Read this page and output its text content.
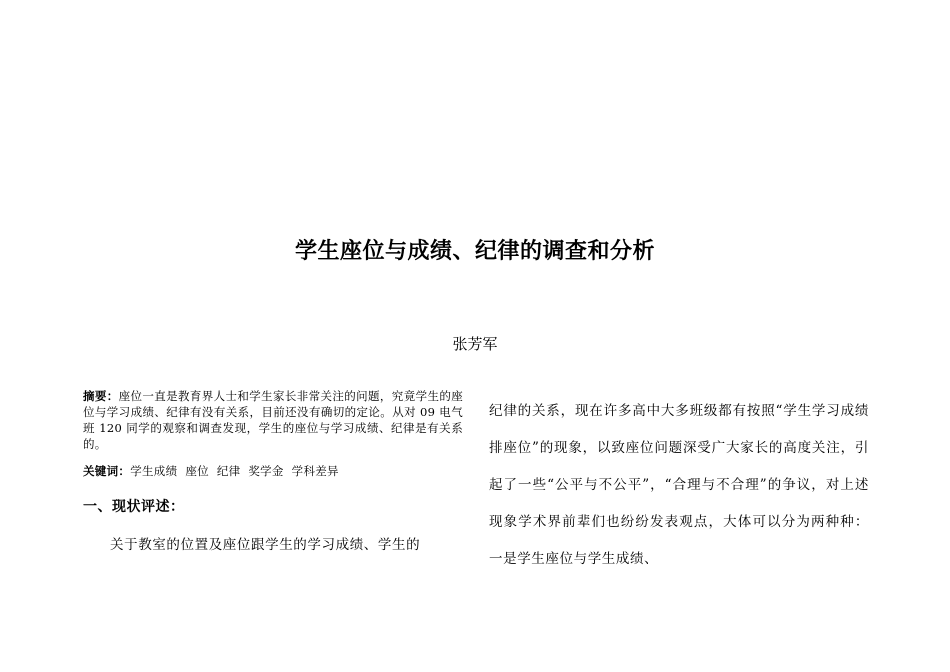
学生座位与成绩、纪律的调查和分析
张芳军

摘要：座位一直是教育界人士和学生家长非常关注的问题，究竟学生的座位与学习成绩、纪律有没有关系，目前还没有确切的定论。从对 09 电气班 120 同学的观察和调查发现，学生的座位与学习成绩、纪律是有关系的。

关键词：学生成绩  座位  纪律  奖学金  学科差异
一、现状评述：
关于教室的位置及座位跟学生的学习成绩、学生的

纪律的关系，现在许多高中大多班级都有按照“学生学习成绩排座位”的现象，以致座位问题深受广大家长的高度关注，引起了一些“公平与不公平”，“合理与不合理”的争议，对上述现象学术界前辈们也纷纷发表观点，大体可以分为两种种：一是学生座位与学生成绩、
